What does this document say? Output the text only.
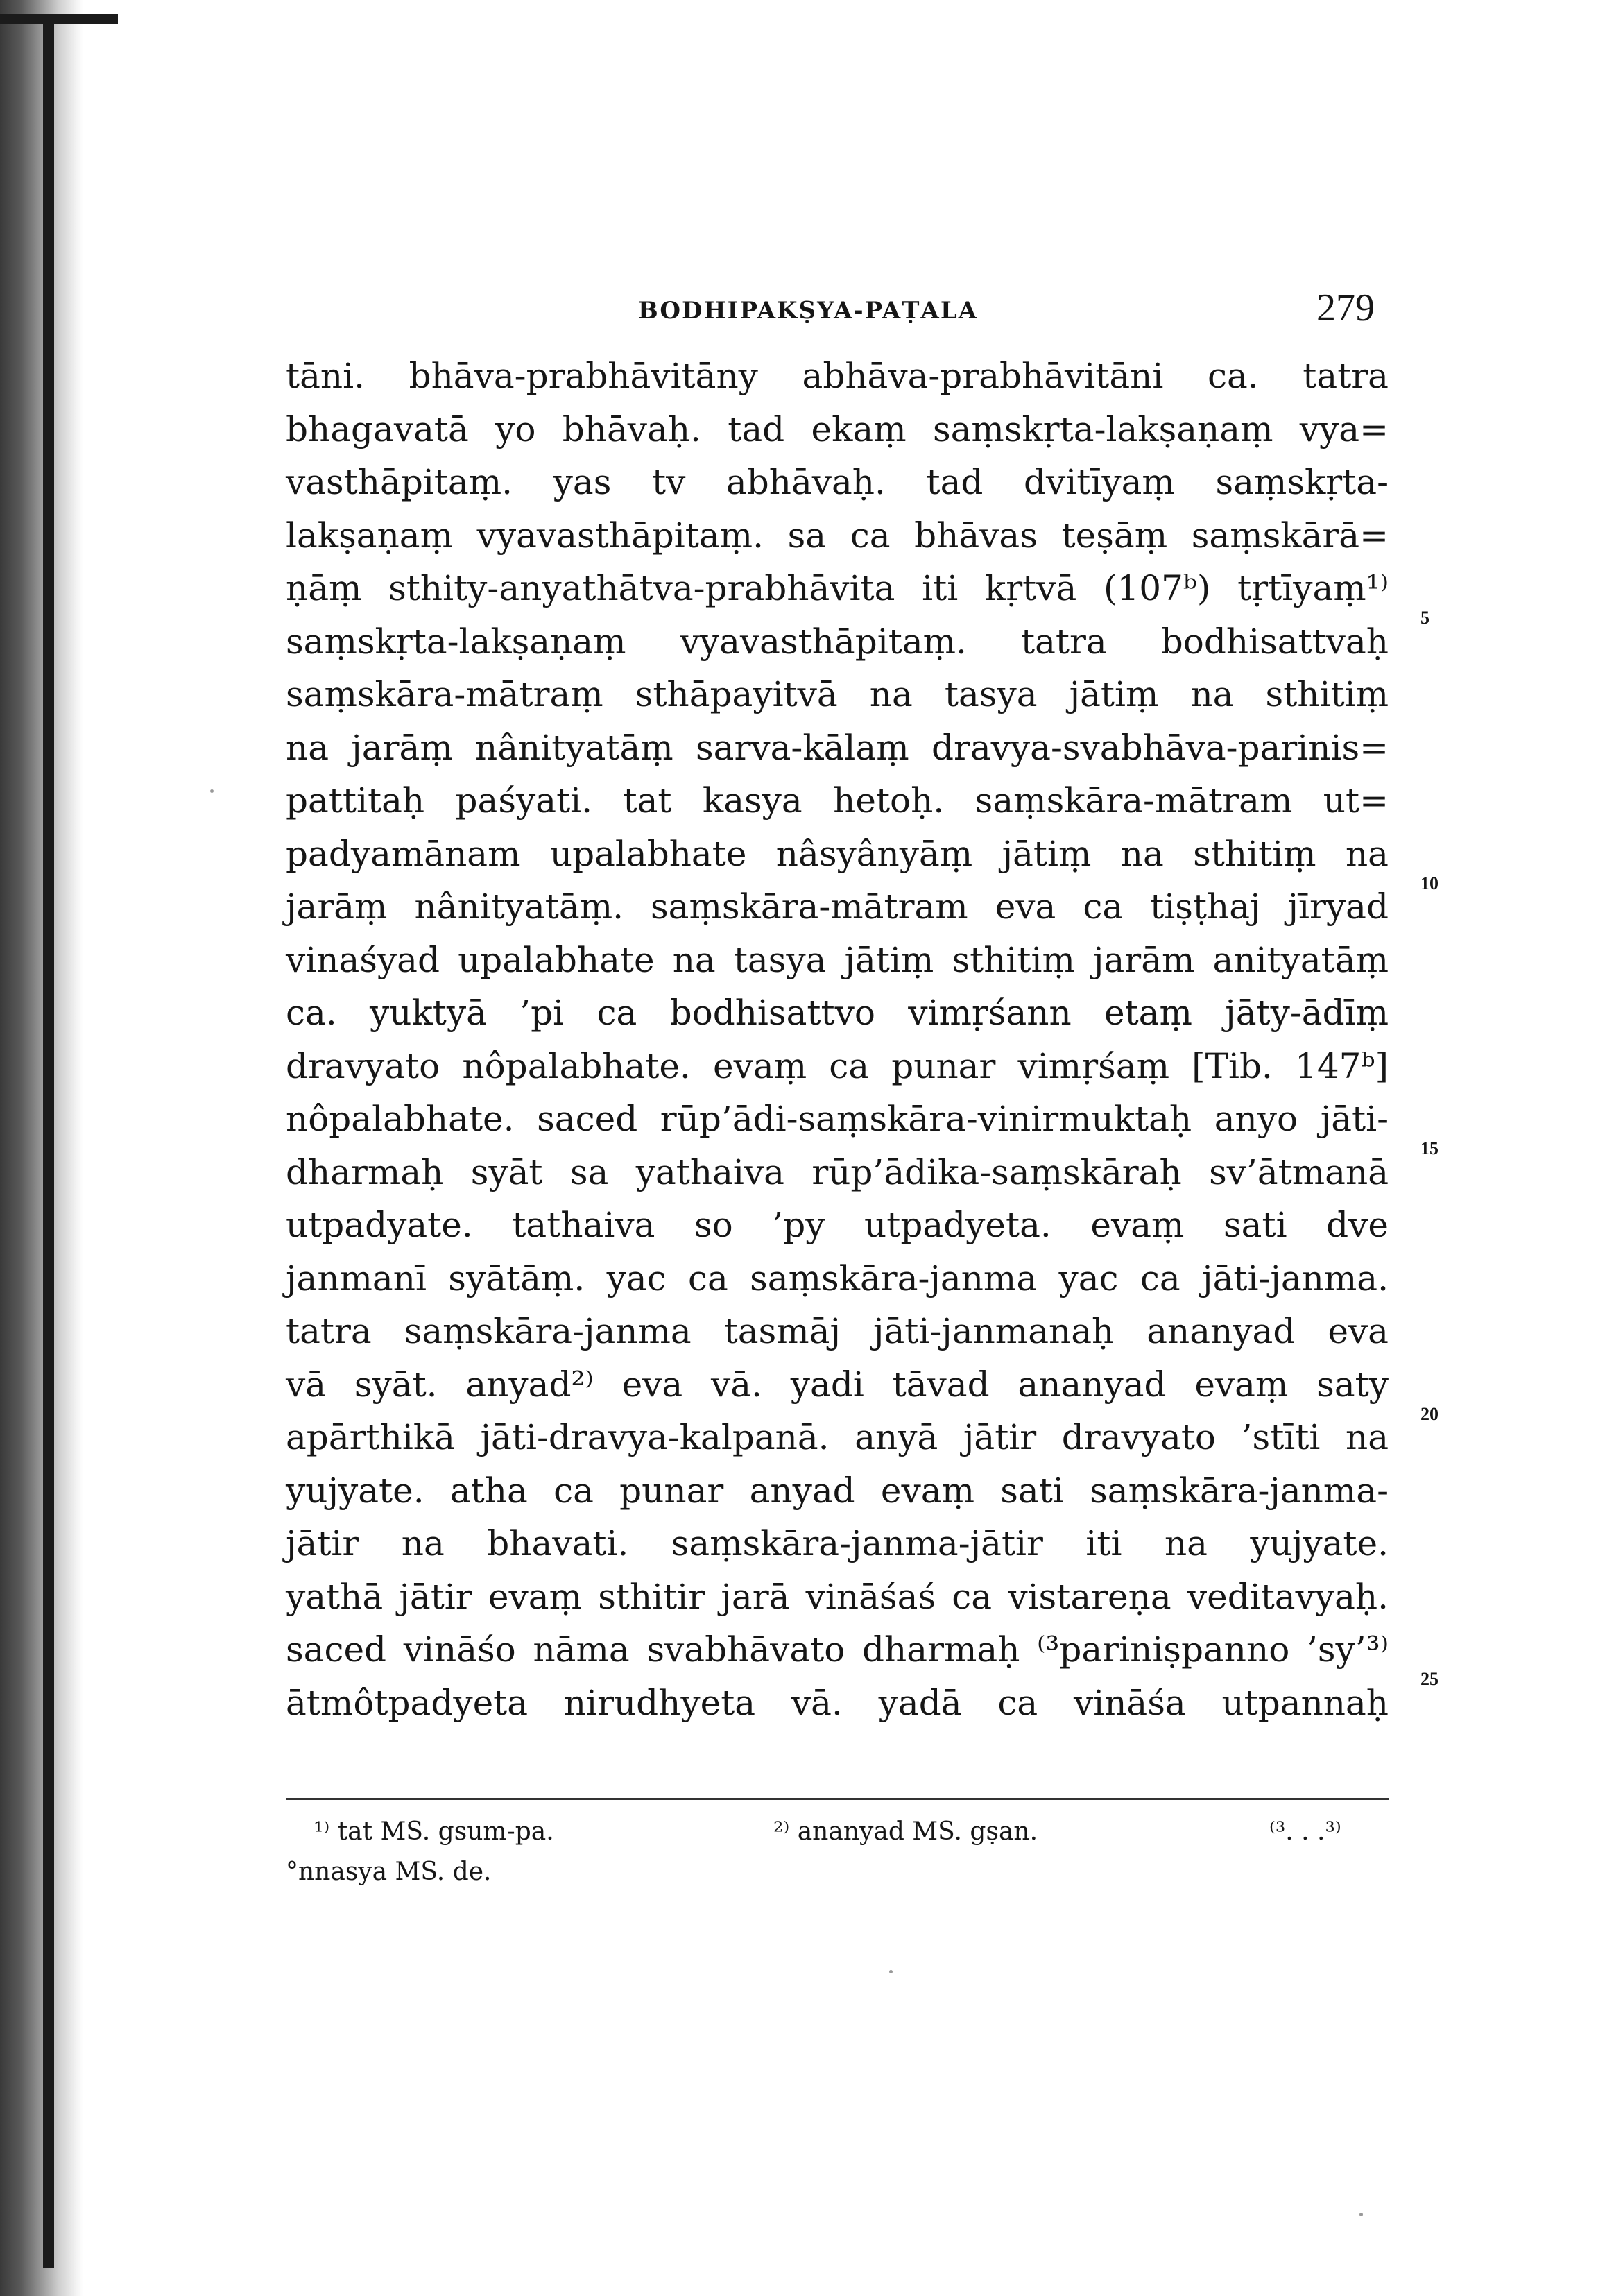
BODHIPAKṢYA-PAṬALA	279
tāni. bhāva-prabhāvitāny abhāva-prabhāvitāni ca. tatra
bhagavatā yo bhāvaḥ. tad ekaṃ saṃskṛta-lakṣaṇaṃ vya=
vasthāpitaṃ. yas tv abhāvaḥ. tad dvitīyaṃ saṃskṛta-
lakṣaṇaṃ vyavasthāpitaṃ. sa ca bhāvas teṣāṃ saṃskārā=
ṇāṃ sthity-anyathātva-prabhāvita iti kṛtvā (107ᵇ) tṛtīyaṃ¹⁾
saṃskṛta-lakṣaṇaṃ vyavasthāpitaṃ. tatra bodhisattvaḥ
saṃskāra-mātraṃ sthāpayitvā na tasya jātiṃ na sthitiṃ
na jarāṃ nânityatāṃ sarva-kālaṃ dravya-svabhāva-parinis=
pattitaḥ paśyati. tat kasya hetoḥ. saṃskāra-mātram ut=
padyamānam upalabhate nâsyânyāṃ jātiṃ na sthitiṃ na
jarāṃ nânityatāṃ. saṃskāra-mātram eva ca tiṣṭhaj jīryad
vinaśyad upalabhate na tasya jātiṃ sthitiṃ jarām anityatāṃ
ca. yuktyā ’pi ca bodhisattvo vimṛśann etaṃ jāty-ādīṃ
dravyato nôpalabhate. evaṃ ca punar vimṛśaṃ [Tib. 147ᵇ]
nôpalabhate. saced rūp’ādi-saṃskāra-vinirmuktaḥ anyo jāti-
dharmaḥ syāt sa yathaiva rūp’ādika-saṃskāraḥ sv’ātmanā
utpadyate. tathaiva so ’py utpadyeta. evaṃ sati dve
janmanī syātāṃ. yac ca saṃskāra-janma yac ca jāti-janma.
tatra saṃskāra-janma tasmāj jāti-janmanaḥ ananyad eva
vā syāt. anyad²⁾ eva vā. yadi tāvad ananyad evaṃ saty
apārthikā jāti-dravya-kalpanā. anyā jātir dravyato ’stīti na
yujyate. atha ca punar anyad evaṃ sati saṃskāra-janma-
jātir na bhavati. saṃskāra-janma-jātir iti na yujyate.
yathā jātir evaṃ sthitir jarā vināśaś ca vistareṇa veditavyaḥ.
saced vināśo nāma svabhāvato dharmaḥ ⁽³pariniṣpanno ’sy’³⁾
ātmôtpadyeta nirudhyeta vā. yadā ca vināśa utpannaḥ
5
10
15
20
25
¹⁾ tat MS. gsum-pa.	²⁾ ananyad MS. gṣan.	⁽³. . .³⁾
°nnasya MS. de.
